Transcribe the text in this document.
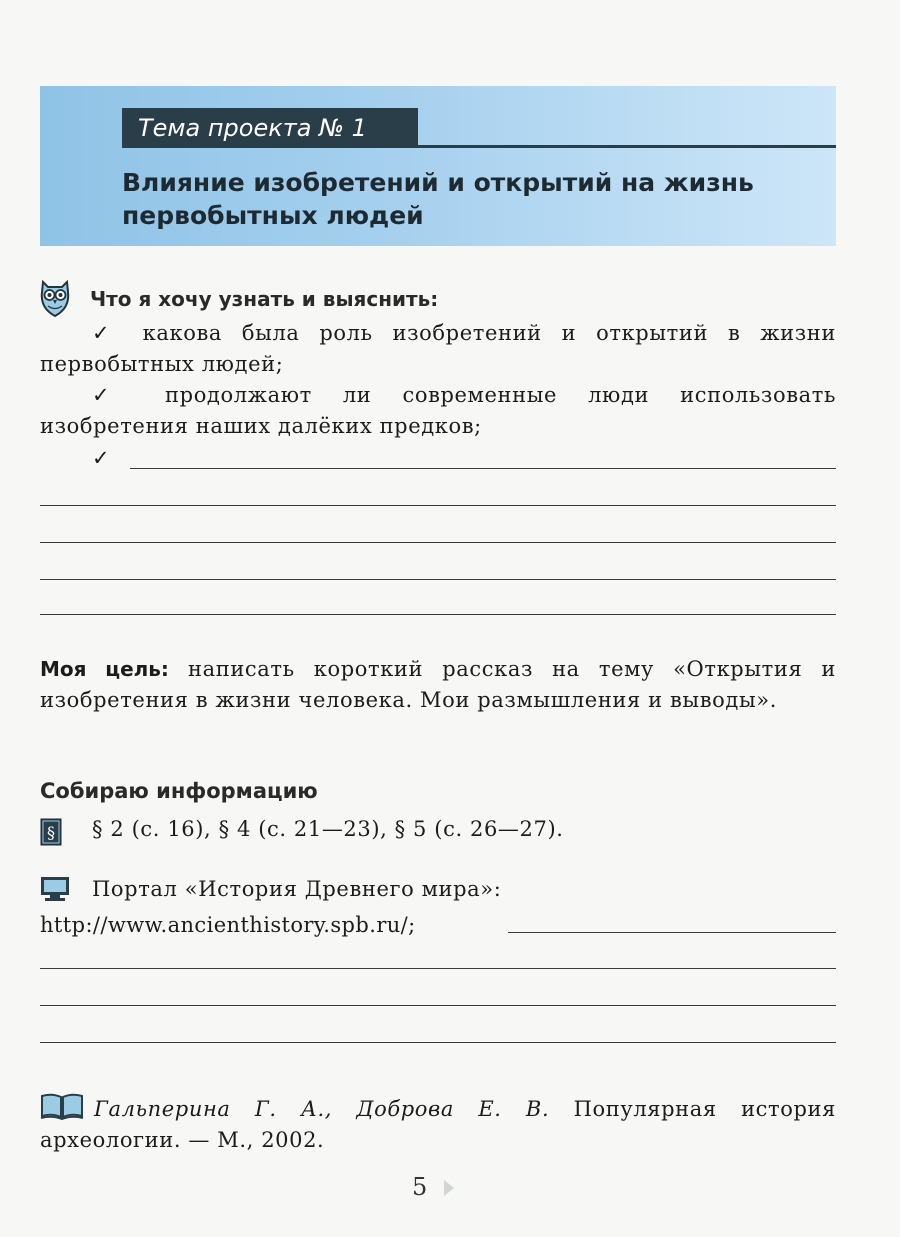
Тема проекта № 1
Влияние изобретений и открытий на жизнь первобытных людей
Что я хочу узнать и выяснить:
✓ какова была роль изобретений и открытий в жизни первобытных людей;
✓ продолжают ли современные люди использовать изобретения наших далёких предков;
✓
Моя цель: написать короткий рассказ на тему «Открытия и изобретения в жизни человека. Мои размышления и выводы».
Собираю информацию
§ § 2 (с. 16), § 4 (с. 21—23), § 5 (с. 26—27).
Портал «История Древнего мира»:
http://www.ancienthistory.spb.ru/;
Гальперина Г. А., Доброва Е. В. Популярная история археологии. — М., 2002.
5
